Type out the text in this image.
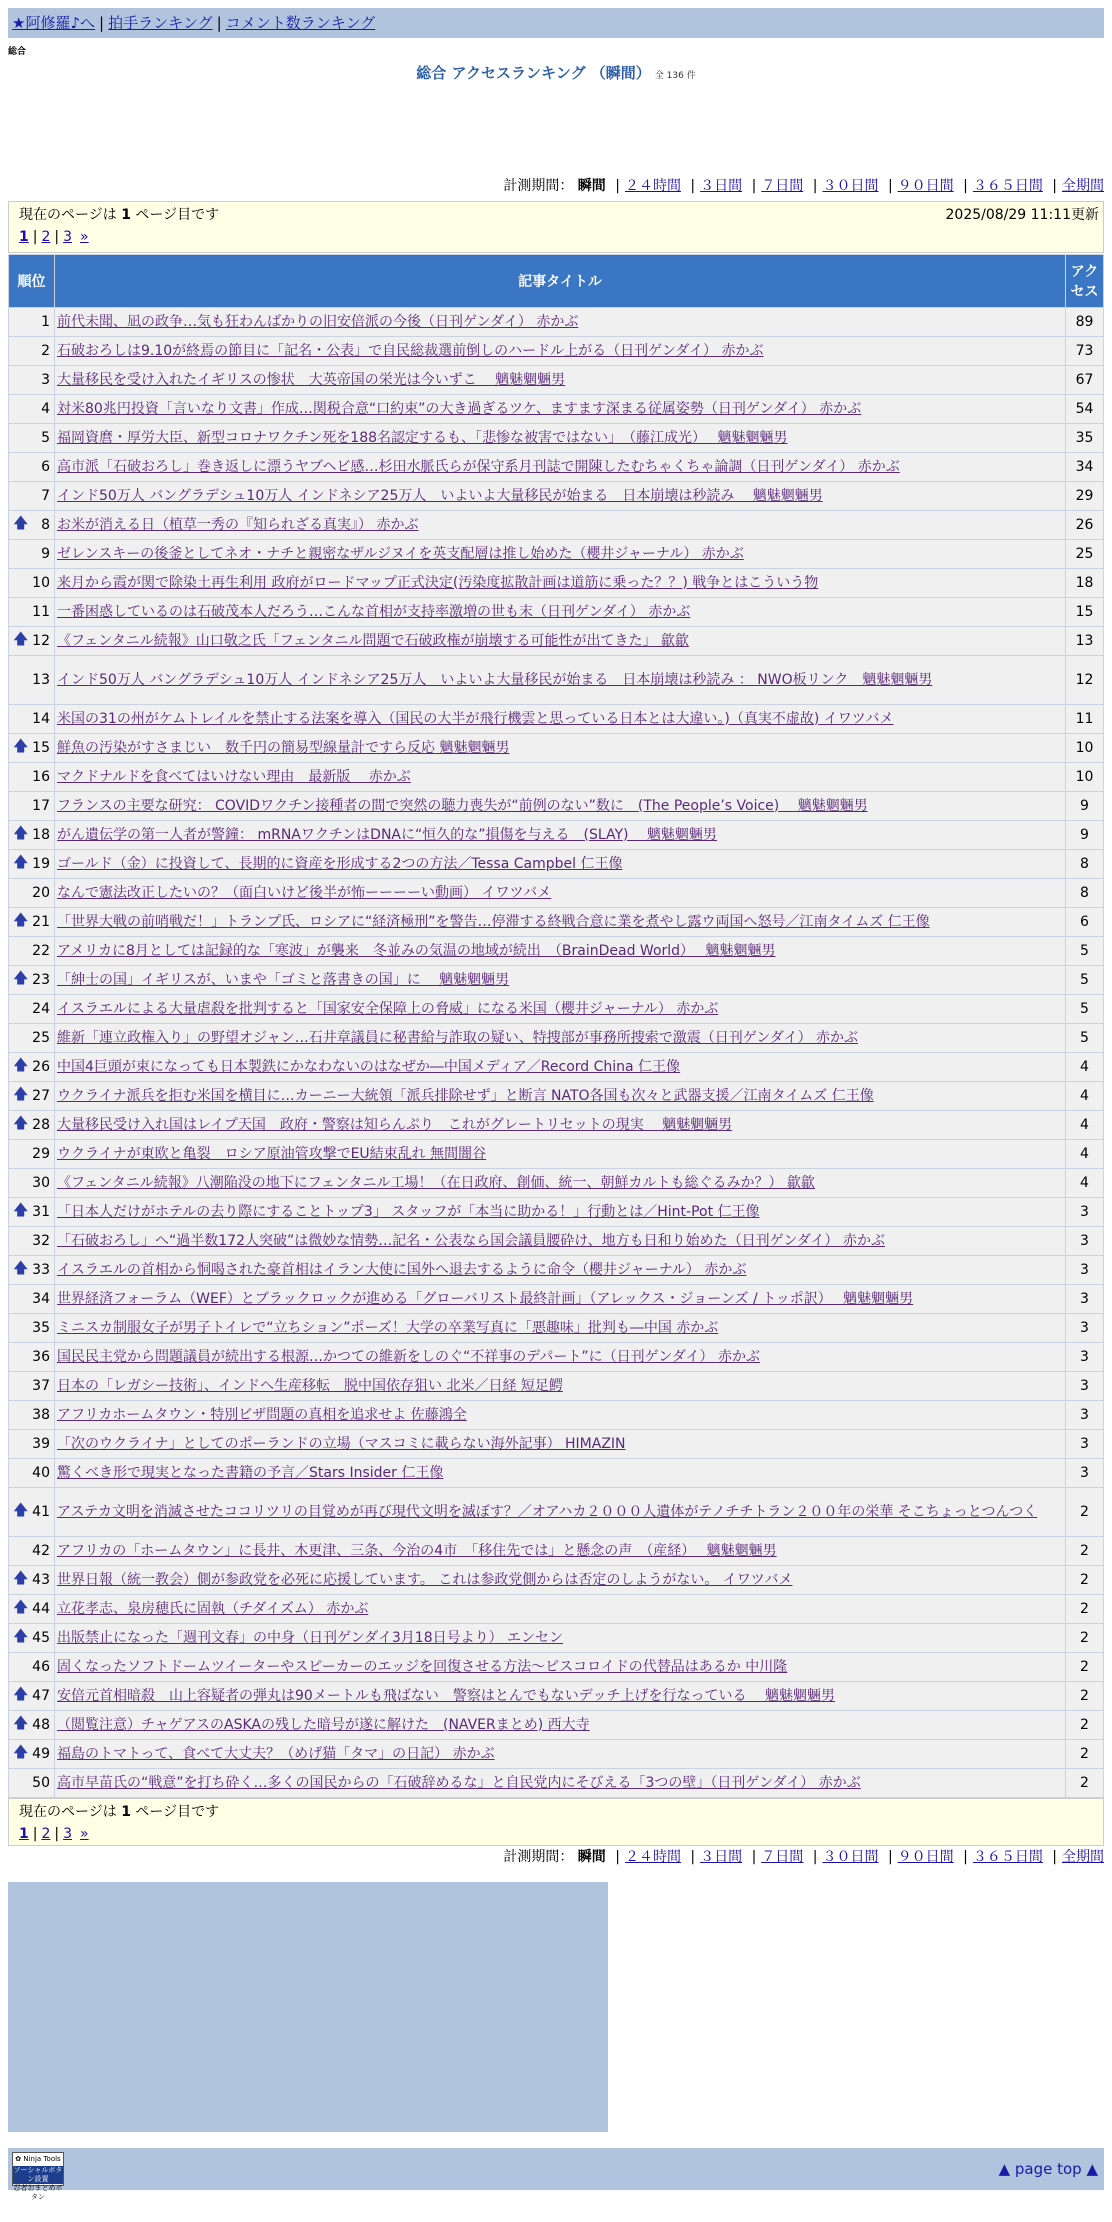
★阿修羅♪へ | 拍手ランキング | コメント数ランキング
総合
総合 アクセスランキング （瞬間） 全 136 件
計測期間： 瞬間 | ２４時間 | ３日間 | ７日間 | ３０日間 | ９０日間 | ３６５日間 | 全期間
現在のページは 1 ページ目です	2025/08/29 11:11更新
1 | 2 | 3 »
順位	記事タイトル	アクセス
1	前代未聞、凪の政争…気も狂わんばかりの旧安倍派の今後（日刊ゲンダイ） 赤かぶ	89
2	石破おろしは9.10が終焉の節目に「記名・公表」で自民総裁選前倒しのハードル上がる（日刊ゲンダイ） 赤かぶ	73
3	大量移民を受け入れたイギリスの惨状　大英帝国の栄光は今いずこ　 魑魅魍魎男	67
4	対米80兆円投資「言いなり文書」作成…関税合意“口約束”の大き過ぎるツケ、ますます深まる従属姿勢（日刊ゲンダイ） 赤かぶ	54
5	福岡資麿・厚労大臣、新型コロナワクチン死を188名認定するも、「悲惨な被害ではない」　（藤江成光）　 魑魅魍魎男	35
6	高市派「石破おろし」巻き返しに漂うヤブヘビ感…杉田水脈氏らが保守系月刊誌で開陳したむちゃくちゃ論調（日刊ゲンダイ） 赤かぶ	34
7	インド50万人 バングラデシュ10万人 インドネシア25万人　いよいよ大量移民が始まる　日本崩壊は秒読み　 魑魅魍魎男	29

🡅 8	お米が消える日（植草一秀の『知られざる真実』） 赤かぶ	26
9	ゼレンスキーの後釜としてネオ・ナチと親密なザルジヌイを英支配層は推し始めた（櫻井ジャーナル） 赤かぶ	25
10	来月から霞が関で除染土再生利用 政府がロードマップ正式決定(汚染度拡散計画は道筋に乗った？？) 戦争とはこういう物	18
11	一番困惑しているのは石破茂本人だろう…こんな首相が支持率激増の世も末（日刊ゲンダイ） 赤かぶ	15

🡅 12	《フェンタニル続報》山口敬之氏「フェンタニル問題で石破政権が崩壊する可能性が出てきた」 歙歙	13
13	インド50万人 バングラデシュ10万人 インドネシア25万人　いよいよ大量移民が始まる　日本崩壊は秒読み ： NWO板リンク　魑魅魍魎男	12
14	米国の31の州がケムトレイルを禁止する法案を導入（国民の大半が飛行機雲と思っている日本とは大違い。)（真実不虚故) イワツバメ	11

🡅 15	鮮魚の汚染がすさまじい　数千円の簡易型線量計ですら反応 魑魅魍魎男	10
16	マクドナルドを食べてはいけない理由　最新版　 赤かぶ	10
17	フランスの主要な研究： COVIDワクチン接種者の間で突然の聴力喪失が“前例のない”数に　(The People’s Voice)　 魑魅魍魎男	9

🡅 18	がん遺伝学の第一人者が警鐘： mRNAワクチンはDNAに“恒久的な”損傷を与える　(SLAY)　 魑魅魍魎男	9

🡅 19	ゴールド（金）に投資して、長期的に資産を形成する2つの方法／Tessa Campbel 仁王像	8
20	なんで憲法改正したいの？（面白いけど後半が怖ーーーーい動画） イワツバメ	8

🡅 21	「世界大戦の前哨戦だ！」トランプ氏、ロシアに“経済極刑”を警告…停滞する終戦合意に業を煮やし露ウ両国へ怒号／江南タイムズ 仁王像	6
22	アメリカに8月としては記録的な「寒波」が襲来　冬並みの気温の地域が続出　（BrainDead World）　 魑魅魍魎男	5

🡅 23	「紳士の国」イギリスが、いまや「ゴミと落書きの国」に　 魑魅魍魎男	5
24	イスラエルによる大量虐殺を批判すると「国家安全保障上の脅威」になる米国（櫻井ジャーナル） 赤かぶ	5
25	維新「連立政権入り」の野望オジャン…石井章議員に秘書給与詐取の疑い、特捜部が事務所捜索で激震（日刊ゲンダイ） 赤かぶ	5

🡅 26	中国4巨頭が束になっても日本製鉄にかなわないのはなぜか―中国メディア／Record China 仁王像	4

🡅 27	ウクライナ派兵を拒む米国を横目に…カーニー大統領「派兵排除せず」と断言 NATO各国も次々と武器支援／江南タイムズ 仁王像	4

🡅 28	大量移民受け入れ国はレイプ天国　政府・警察は知らんぷり　これがグレートリセットの現実　 魑魅魍魎男	4
29	ウクライナが東欧と亀裂　ロシア原油管攻撃でEU結束乱れ 無間闇谷	4
30	《フェンタニル続報》八潮陥没の地下にフェンタニル工場！（在日政府、創価、統一、朝鮮カルトも総ぐるみか？） 歙歙	4

🡅 31	「日本人だけがホテルの去り際にすることトップ3」 スタッフが「本当に助かる！」行動とは／Hint-Pot 仁王像	3
32	「石破おろし」へ“過半数172人突破”は微妙な情勢…記名・公表なら国会議員腰砕け、地方も日和り始めた（日刊ゲンダイ） 赤かぶ	3

🡅 33	イスラエルの首相から恫喝された豪首相はイラン大使に国外へ退去するように命令（櫻井ジャーナル） 赤かぶ	3
34	世界経済フォーラム（WEF）とブラックロックが進める「グローバリスト最終計画」（アレックス・ジョーンズ / トッポ訳）　 魑魅魍魎男	3
35	ミニスカ制服女子が男子トイレで“立ちション”ポーズ！大学の卒業写真に「悪趣味」批判も―中国 赤かぶ	3
36	国民民主党から問題議員が続出する根源…かつての維新をしのぐ“不祥事のデパート”に（日刊ゲンダイ） 赤かぶ	3
37	日本の「レガシー技術」、インドへ生産移転　脱中国依存狙い 北米／日経 短足鰐	3
38	アフリカホームタウン・特別ビザ問題の真相を追求せよ 佐藤鴻全	3
39	「次のウクライナ」としてのポーランドの立場（マスコミに載らない海外記事） HIMAZIN	3
40	驚くべき形で現実となった書籍の予言／Stars Insider 仁王像	3

🡅 41	アステカ文明を消滅させたココリツリの目覚めが再び現代文明を滅ぼす？／オアハカ２０００人遺体がテノチチトラン２００年の栄華 そこちょっとつんつく	2
42	アフリカの「ホームタウン」に長井、木更津、三条、今治の4市　「移住先では」と懸念の声　（産経）　 魑魅魍魎男	2

🡅 43	世界日報（統一教会）側が参政党を必死に応援しています。 これは参政党側からは否定のしようがない。 イワツバメ	2

🡅 44	立花孝志、泉房穂氏に固執（チダイズム） 赤かぶ	2

🡅 45	出版禁止になった「週刊文春」の中身（日刊ゲンダイ3月18日号より） エンセン	2
46	固くなったソフトドームツイーターやスピーカーのエッジを回復させる方法〜ピスコロイドの代替品はあるか 中川隆	2

🡅 47	安倍元首相暗殺　山上容疑者の弾丸は90メートルも飛ばない　警察はとんでもないデッチ上げを行なっている　 魑魅魍魎男	2

🡅 48	（閲覧注意）チャゲアスのASKAの残した暗号が遂に解けた　(NAVERまとめ) 西大寺	2

🡅 49	福島のトマトって、食べて大丈夫？（めげ猫「タマ」の日記） 赤かぶ	2
50	高市早苗氏の“戦意”を打ち砕く…多くの国民からの「石破辞めるな」と自民党内にそびえる「3つの壁」（日刊ゲンダイ） 赤かぶ	2
計測期間： 瞬間 | ２４時間 | ３日間 | ７日間 | ３０日間 | ９０日間 | ３６５日間 | 全期間
✿ Ninja Tools
ソーシャルボタン設置
忍者おまとめボタン
▲ page top ▲
現在のページは 1 ページ目です
1 | 2 | 3 »
